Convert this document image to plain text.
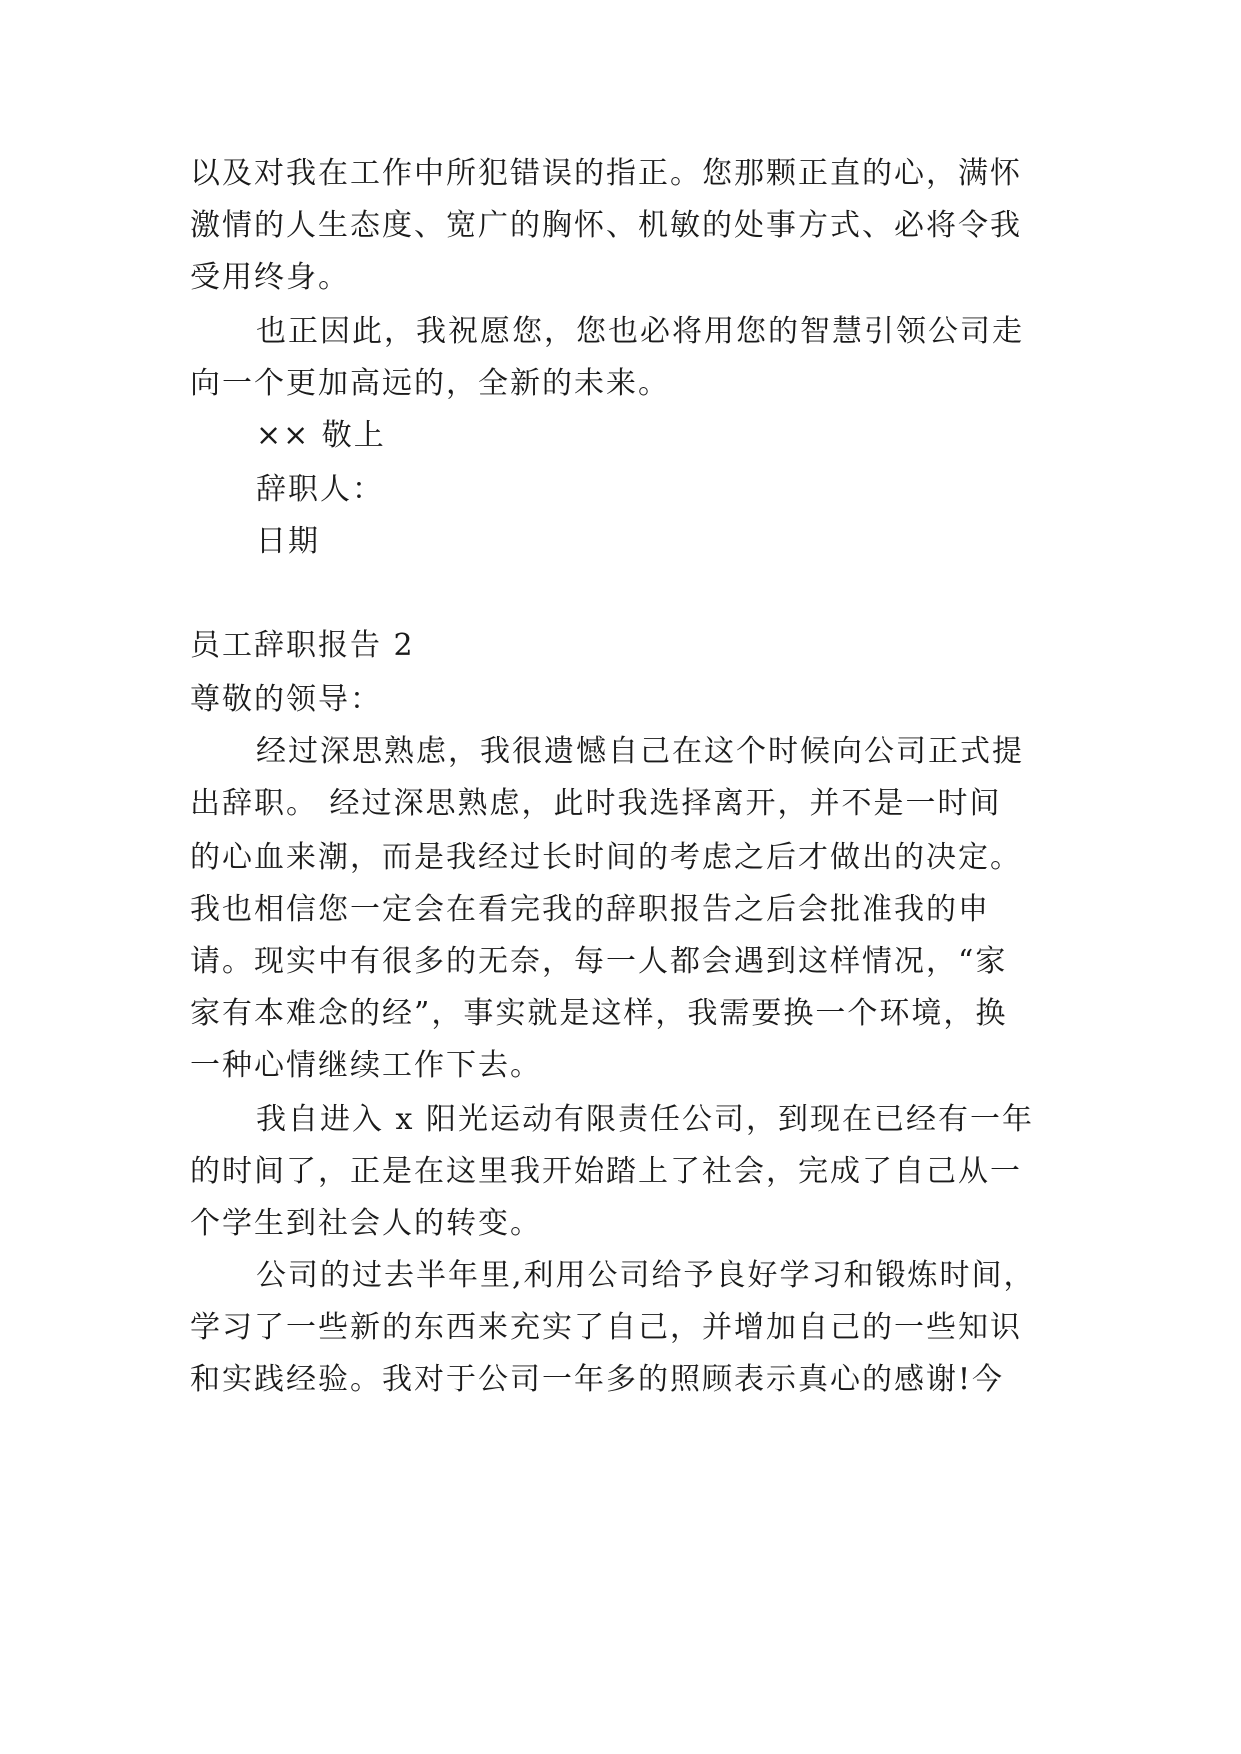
以及对我在工作中所犯错误的指正。您那颗正直的心，满怀
激情的人生态度、宽广的胸怀、机敏的处事方式、必将令我
受用终身。
也正因此，我祝愿您，您也必将用您的智慧引领公司走
向一个更加高远的，全新的未来。
×× 敬上
辞职人：
日期
员工辞职报告 2
尊敬的领导：
经过深思熟虑，我很遗憾自己在这个时候向公司正式提
出辞职。 经过深思熟虑，此时我选择离开，并不是一时间
的心血来潮，而是我经过长时间的考虑之后才做出的决定。
我也相信您一定会在看完我的辞职报告之后会批准我的申
请。现实中有很多的无奈，每一人都会遇到这样情况，“家
家有本难念的经”，事实就是这样，我需要换一个环境，换
一种心情继续工作下去。
我自进入 x 阳光运动有限责任公司，到现在已经有一年
的时间了，正是在这里我开始踏上了社会，完成了自己从一
个学生到社会人的转变。
公司的过去半年里,利用公司给予良好学习和锻炼时间，
学习了一些新的东西来充实了自己，并增加自己的一些知识
和实践经验。我对于公司一年多的照顾表示真心的感谢!今
